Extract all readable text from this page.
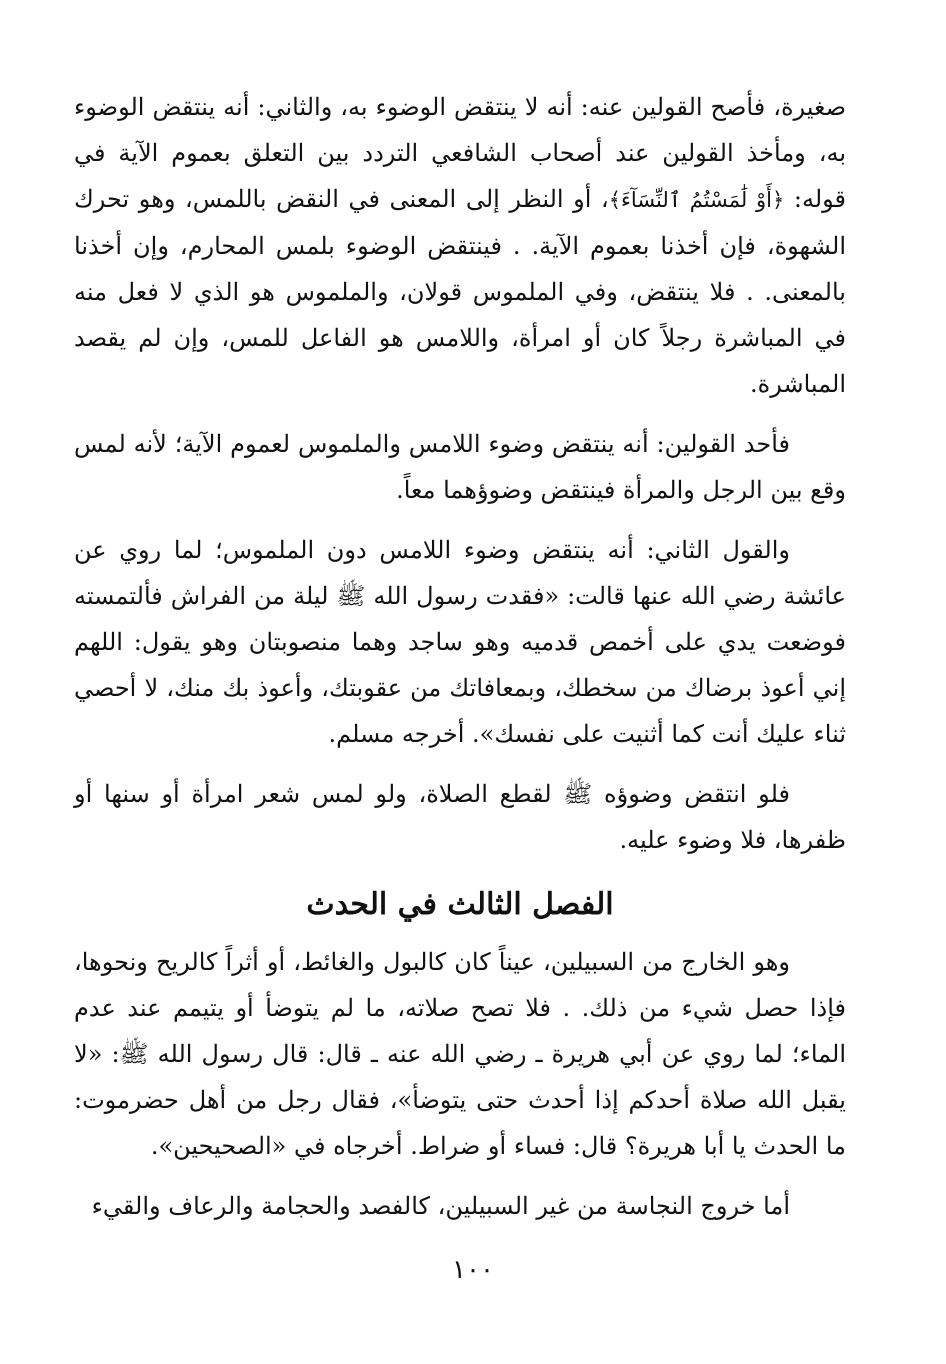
صغيرة، فأصح القولين عنه: أنه لا ينتقض الوضوء به، والثاني: أنه ينتقض الوضوء به، ومأخذ القولين عند أصحاب الشافعي التردد بين التعلق بعموم الآية في قوله: ﴿أَوْ لَٰمَسْتُمُ ٱلنِّسَآءَ﴾، أو النظر إلى المعنى في النقض باللمس، وهو تحرك الشهوة، فإن أخذنا بعموم الآية. . فينتقض الوضوء بلمس المحارم، وإن أخذنا بالمعنى. . فلا ينتقض، وفي الملموس قولان، والملموس هو الذي لا فعل منه في المباشرة رجلاً كان أو امرأة، واللامس هو الفاعل للمس، وإن لم يقصد المباشرة.

فأحد القولين: أنه ينتقض وضوء اللامس والملموس لعموم الآية؛ لأنه لمس وقع بين الرجل والمرأة فينتقض وضوؤهما معاً.

والقول الثاني: أنه ينتقض وضوء اللامس دون الملموس؛ لما روي عن عائشة رضي الله عنها قالت: «فقدت رسول الله ﷺ ليلة من الفراش فألتمسته فوضعت يدي على أخمص قدميه وهو ساجد وهما منصوبتان وهو يقول: اللهم إني أعوذ برضاك من سخطك، وبمعافاتك من عقوبتك، وأعوذ بك منك، لا أحصي ثناء عليك أنت كما أثنيت على نفسك». أخرجه مسلم.

فلو انتقض وضوؤه ﷺ لقطع الصلاة، ولو لمس شعر امرأة أو سنها أو ظفرها، فلا وضوء عليه.

الفصل الثالث في الحدث

وهو الخارج من السبيلين، عيناً كان كالبول والغائط، أو أثراً كالريح ونحوها، فإذا حصل شيء من ذلك. . فلا تصح صلاته، ما لم يتوضأ أو يتيمم عند عدم الماء؛ لما روي عن أبي هريرة ـ رضي الله عنه ـ قال: قال رسول الله ﷺ: «لا يقبل الله صلاة أحدكم إذا أحدث حتى يتوضأ»، فقال رجل من أهل حضرموت: ما الحدث يا أبا هريرة؟ قال: فساء أو ضراط. أخرجاه في «الصحيحين».

أما خروج النجاسة من غير السبيلين، كالفصد والحجامة والرعاف والقيء

١٠٠
